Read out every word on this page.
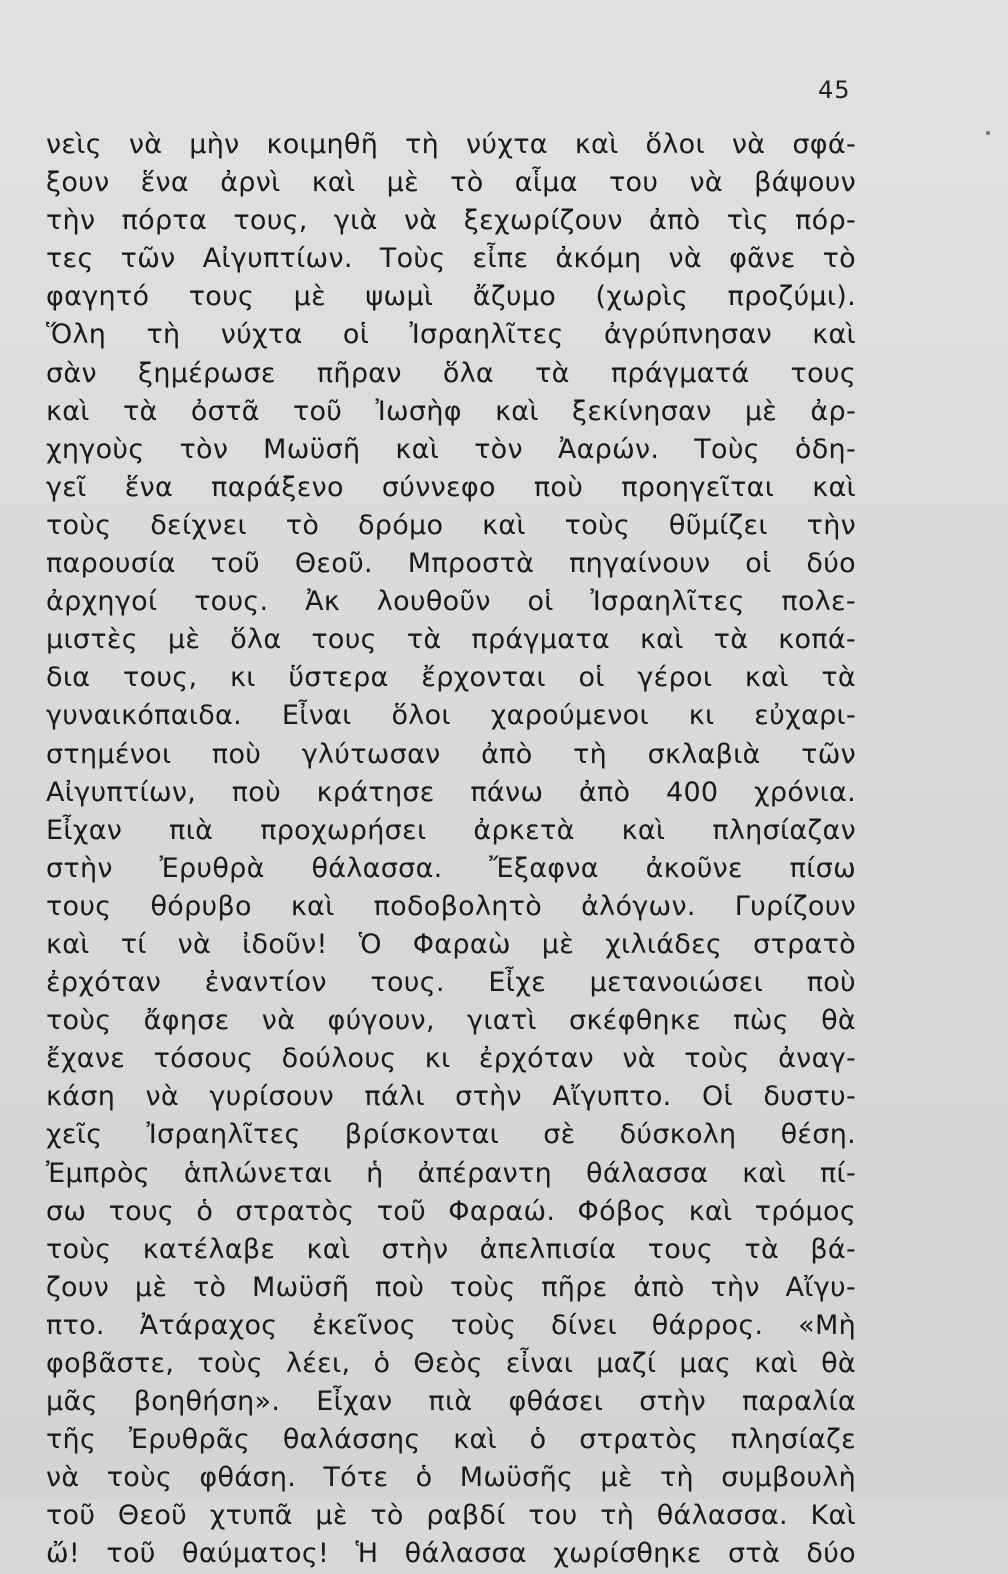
45
νεὶς νὰ μὴν κοιμηθῆ τὴ νύχτα καὶ ὅλοι νὰ σφά-
ξουν ἕνα ἀρνὶ καὶ μὲ τὸ αἷμα του νὰ βάψουν
τὴν πόρτα τους, γιὰ νὰ ξεχωρίζουν ἀπὸ τὶς πόρ-
τες τῶν Αἰγυπτίων. Τοὺς εἶπε ἀκόμη νὰ φᾶνε τὸ
φαγητό τους μὲ ψωμὶ ἄζυμο (χωρὶς προζύμι).
Ὅλη τὴ νύχτα οἱ Ἰσραηλῖτες ἀγρύπνησαν καὶ
σὰν ξημέρωσε πῆραν ὅλα τὰ πράγματά τους
καὶ τὰ ὀστᾶ τοῦ Ἰωσὴφ καὶ ξεκίνησαν μὲ ἀρ-
χηγοὺς τὸν Μωϋσῆ καὶ τὸν Ἀαρών. Τοὺς ὁδη-
γεῖ ἕνα παράξενο σύννεφο ποὺ προηγεῖται καὶ
τοὺς δείχνει τὸ δρόμο καὶ τοὺς θῦμίζει τὴν
παρουσία τοῦ Θεοῦ. Μπροστὰ πηγαίνουν οἱ δύο
ἀρχηγοί τους. Ἀκ λουθοῦν οἱ Ἰσραηλῖτες πολε-
μιστὲς μὲ ὅλα τους τὰ πράγματα καὶ τὰ κοπά-
δια τους, κι ὕστερα ἔρχονται οἱ γέροι καὶ τὰ
γυναικόπαιδα. Εἶναι ὅλοι χαρούμενοι κι εὐχαρι-
στημένοι ποὺ γλύτωσαν ἀπὸ τὴ σκλαβιὰ τῶν
Αἰγυπτίων, ποὺ κράτησε πάνω ἀπὸ 400 χρόνια.
Εἶχαν πιὰ προχωρήσει ἀρκετὰ καὶ πλησίαζαν
στὴν Ἐρυθρὰ θάλασσα. Ἔξαφνα ἀκοῦνε πίσω
τους θόρυβο καὶ ποδοβολητὸ ἀλόγων. Γυρίζουν
καὶ τί νὰ ἰδοῦν! Ὁ Φαραὼ μὲ χιλιάδες στρατὸ
ἐρχόταν ἐναντίον τους. Εἶχε μετανοιώσει ποὺ
τοὺς ἄφησε νὰ φύγουν, γιατὶ σκέφθηκε πὼς θὰ
ἔχανε τόσους δούλους κι ἐρχόταν νὰ τοὺς ἀναγ-
κάση νὰ γυρίσουν πάλι στὴν Αἴγυπτο. Οἱ δυστυ-
χεῖς Ἰσραηλῖτες βρίσκονται σὲ δύσκολη θέση.
Ἐμπρὸς ἁπλώνεται ἡ ἀπέραντη θάλασσα καὶ πί-
σω τους ὁ στρατὸς τοῦ Φαραώ. Φόβος καὶ τρόμος
τοὺς κατέλαβε καὶ στὴν ἀπελπισία τους τὰ βά-
ζουν μὲ τὸ Μωϋσῆ ποὺ τοὺς πῆρε ἀπὸ τὴν Αἴγυ-
πτο. Ἀτάραχος ἐκεῖνος τοὺς δίνει θάρρος. «Μὴ
φοβᾶστε, τοὺς λέει, ὁ Θεὸς εἶναι μαζί μας καὶ θὰ
μᾶς βοηθήση». Εἶχαν πιὰ φθάσει στὴν παραλία
τῆς Ἐρυθρᾶς θαλάσσης καὶ ὁ στρατὸς πλησίαζε
νὰ τοὺς φθάση. Τότε ὁ Μωϋσῆς μὲ τὴ συμβουλὴ
τοῦ Θεοῦ χτυπᾶ μὲ τὸ ραβδί του τὴ θάλασσα. Καὶ
ὤ! τοῦ θαύματος! Ἡ θάλασσα χωρίσθηκε στὰ δύο
